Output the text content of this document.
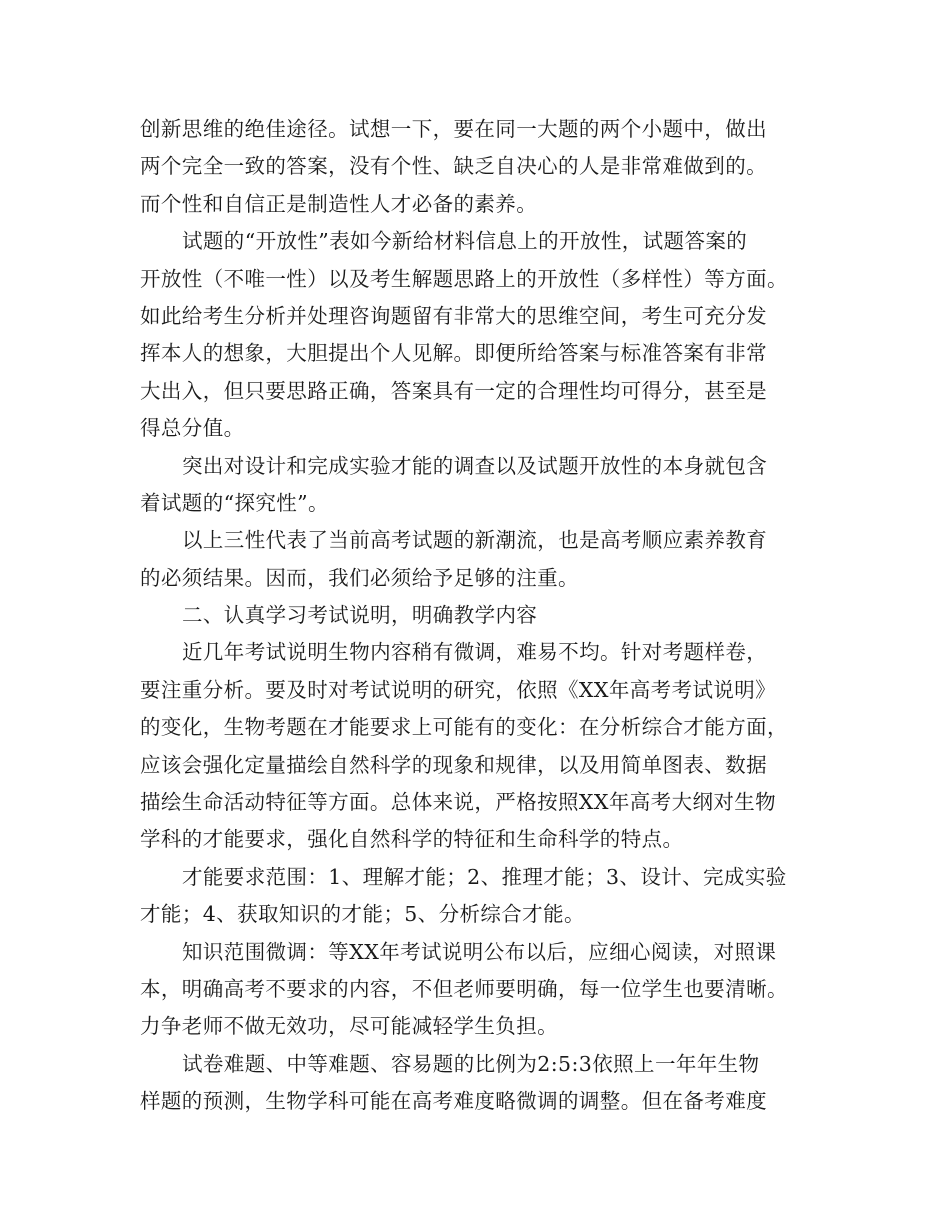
创新思维的绝佳途径。试想一下，要在同一大题的两个小题中，做出
两个完全一致的答案，没有个性、缺乏自决心的人是非常难做到的。
而个性和自信正是制造性人才必备的素养。
试题的“开放性”表如今新给材料信息上的开放性，试题答案的
开放性（不唯一性）以及考生解题思路上的开放性（多样性）等方面。
如此给考生分析并处理咨询题留有非常大的思维空间，考生可充分发
挥本人的想象，大胆提出个人见解。即便所给答案与标准答案有非常
大出入，但只要思路正确，答案具有一定的合理性均可得分，甚至是
得总分值。
突出对设计和完成实验才能的调查以及试题开放性的本身就包含
着试题的“探究性”。
以上三性代表了当前高考试题的新潮流，也是高考顺应素养教育
的必须结果。因而，我们必须给予足够的注重。
二、认真学习考试说明，明确教学内容
近几年考试说明生物内容稍有微调，难易不均。针对考题样卷，
要注重分析。要及时对考试说明的研究，依照《XX年高考考试说明》
的变化，生物考题在才能要求上可能有的变化：在分析综合才能方面，
应该会强化定量描绘自然科学的现象和规律，以及用简单图表、数据
描绘生命活动特征等方面。总体来说，严格按照XX年高考大纲对生物
学科的才能要求，强化自然科学的特征和生命科学的特点。
才能要求范围：1、理解才能；2、推理才能；3、设计、完成实验
才能；4、获取知识的才能；5、分析综合才能。
知识范围微调：等XX年考试说明公布以后，应细心阅读，对照课
本，明确高考不要求的内容，不但老师要明确，每一位学生也要清晰。
力争老师不做无效功，尽可能减轻学生负担。
试卷难题、中等难题、容易题的比例为2:5:3依照上一年年生物
样题的预测，生物学科可能在高考难度略微调的调整。但在备考难度
